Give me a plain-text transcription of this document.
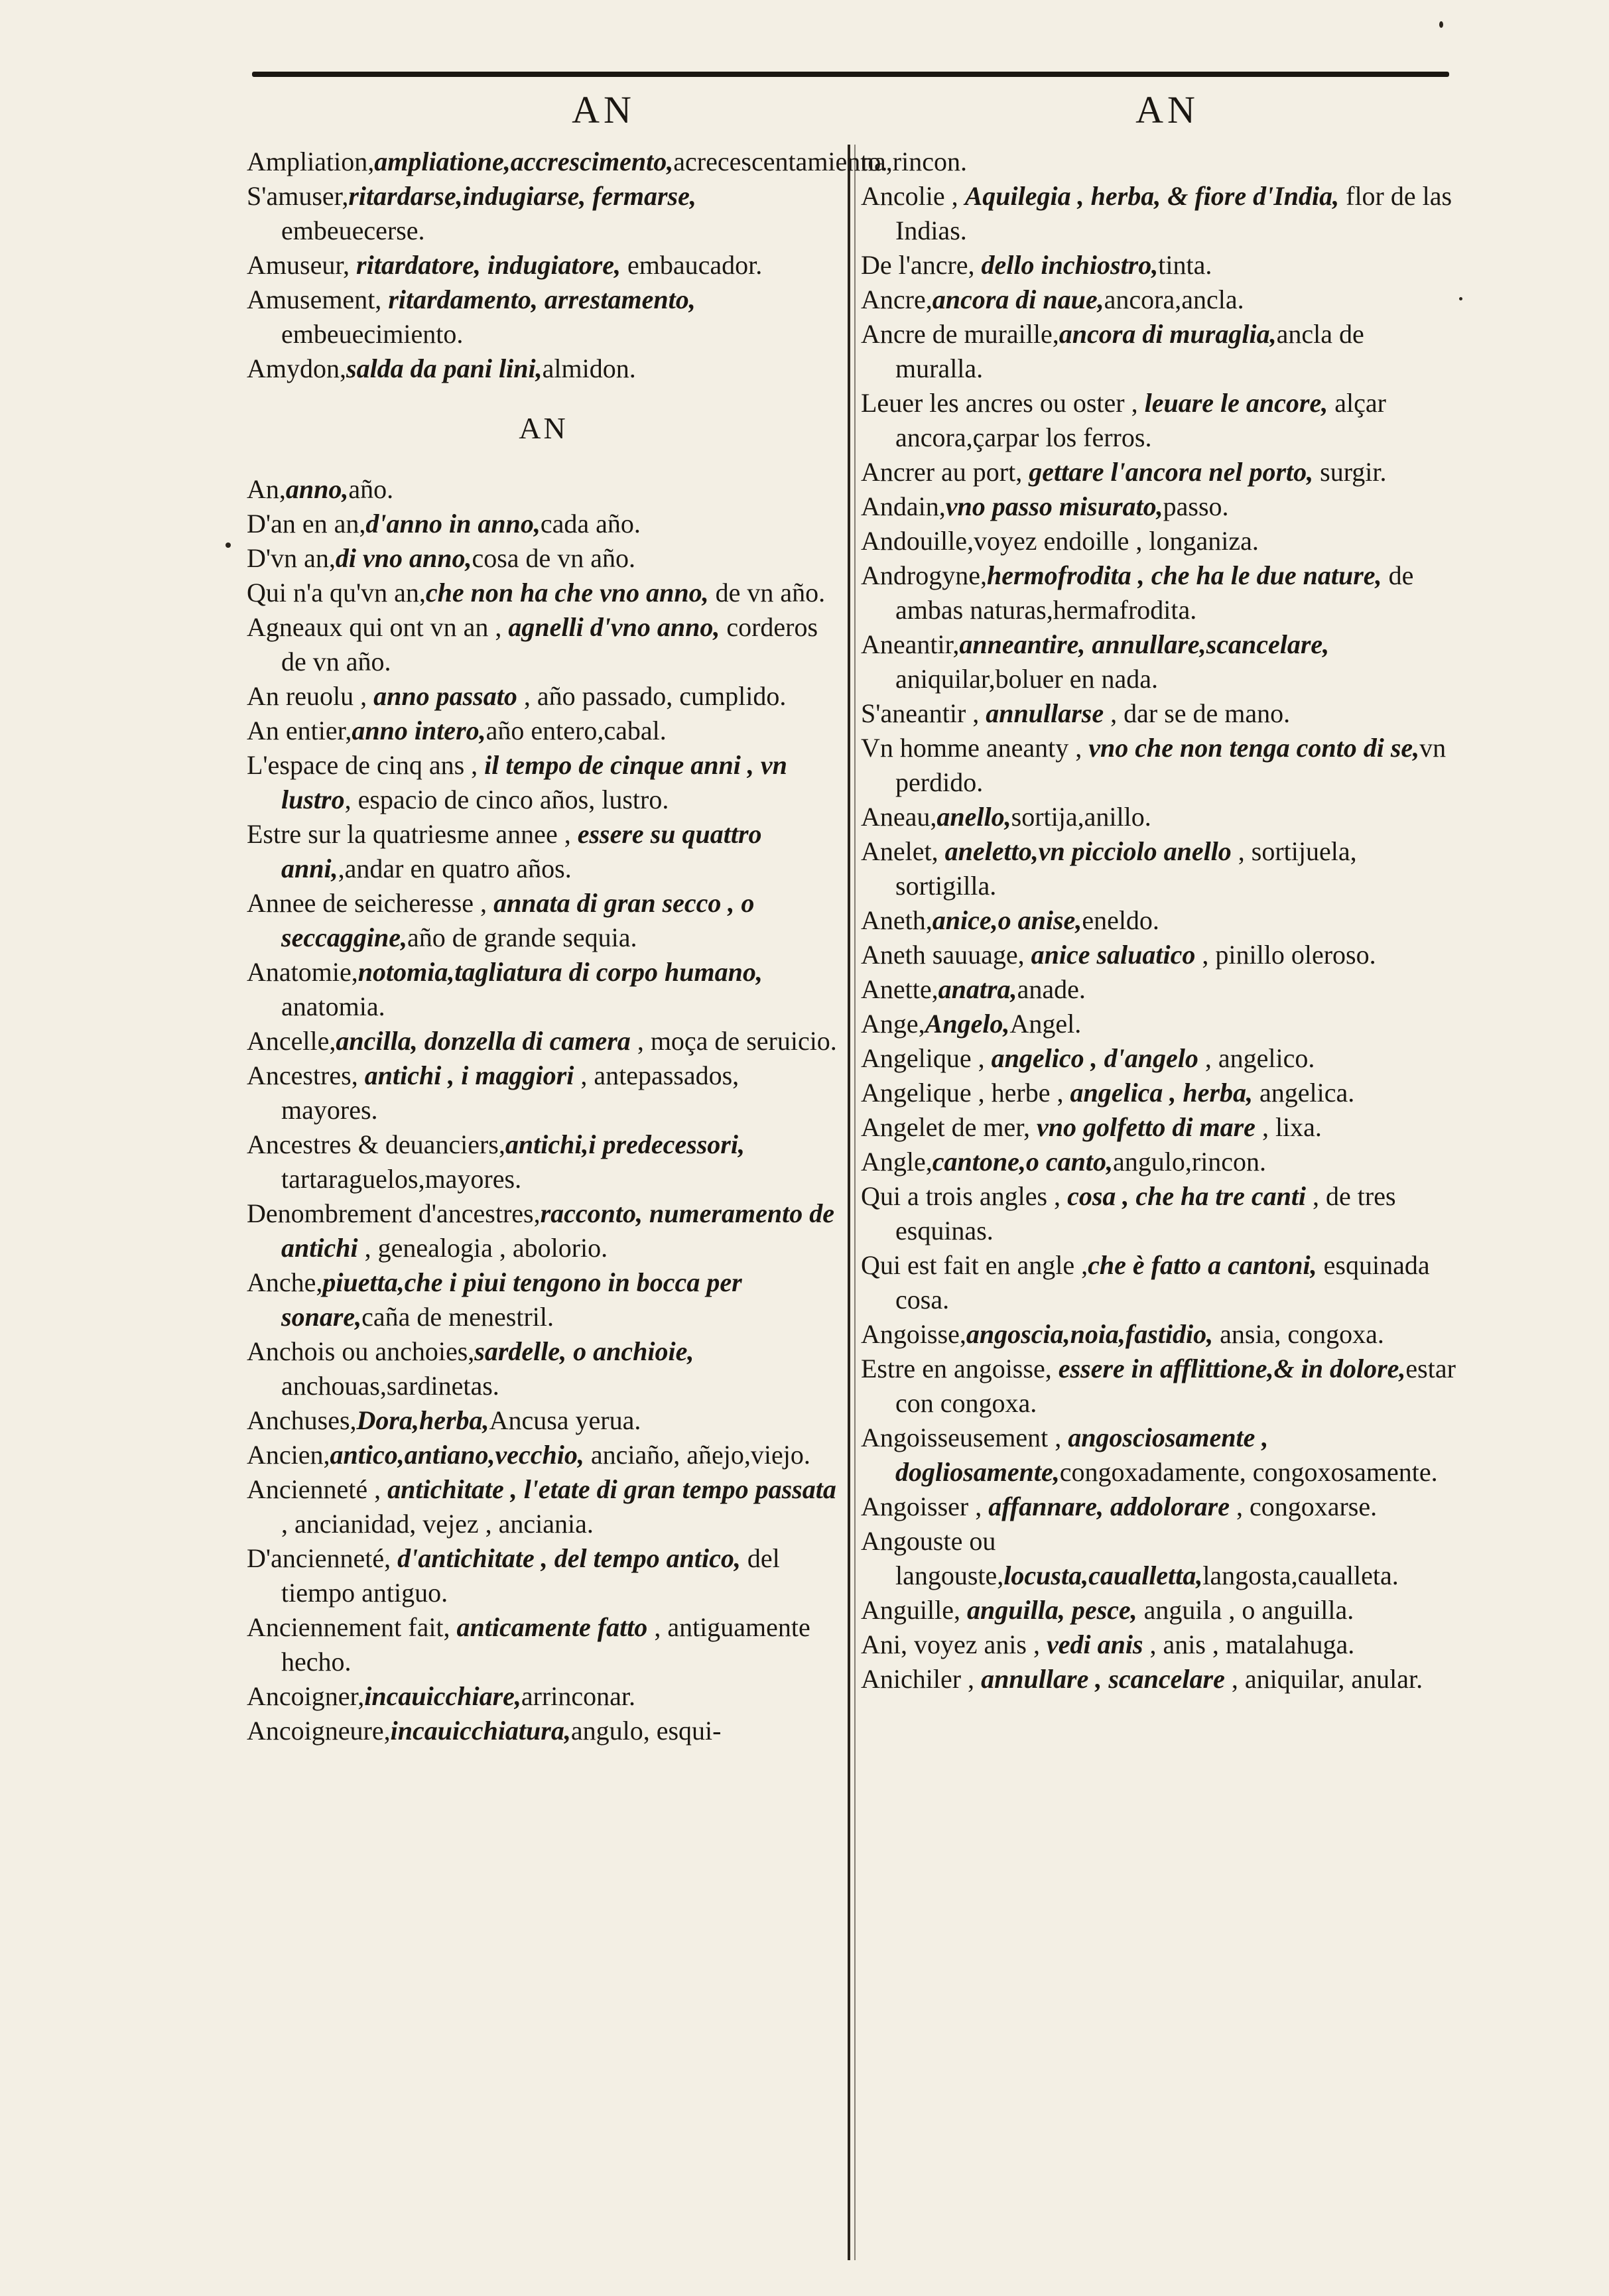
AN	AN

Ampliation,ampliatione,accrescimento,acrecescentamiento.

S'amuser,ritardarse,indugiarse, fermarse, embeuecerse.

Amuseur, ritardatore, indugiatore, embaucador.

Amusement, ritardamento, arrestamento, embeuecimiento.

Amydon,salda da pani lini,almidon.

AN

An,anno,año.

D'an en an,d'anno in anno,cada año.

D'vn an,di vno anno,cosa de vn año.

Qui n'a qu'vn an,che non ha che vno anno, de vn año.

Agneaux qui ont vn an , agnelli d'vno anno, corderos de vn año.

An reuolu , anno passato , año passado, cumplido.

An entier,anno intero,año entero,cabal.

L'espace de cinq ans , il tempo de cinque anni , vn lustro, espacio de cinco años, lustro.

Estre sur la quatriesme annee , essere su quattro anni,,andar en quatro años.

Annee de seicheresse , annata di gran secco , o seccaggine,año de grande sequia.

Anatomie,notomia,tagliatura di corpo humano, anatomia.

Ancelle,ancilla, donzella di camera , moça de seruicio.

Ancestres, antichi , i maggiori , antepassados, mayores.

Ancestres & deuanciers,antichi,i predecessori, tartaraguelos,mayores.

Denombrement d'ancestres,racconto, numeramento de antichi , genealogia , abolorio.

Anche,piuetta,che i piui tengono in bocca per sonare,caña de menestril.

Anchois ou anchoies,sardelle, o anchioie, anchouas,sardinetas.

Anchuses,Dora,herba,Ancusa yerua.

Ancien,antico,antiano,vecchio, anciaño, añejo,viejo.

Ancienneté , antichitate , l'etate di gran tempo passata , ancianidad, vejez , anciania.

D'ancienneté, d'antichitate , del tempo antico, del tiempo antiguo.

Anciennement fait, anticamente fatto , antiguamente hecho.

Ancoigner,incauicchiare,arrinconar.

Ancoigneure,incauicchiatura,angulo, esqui-

na,rincon.

Ancolie , Aquilegia , herba, & fiore d'India, flor de las Indias.

De l'ancre, dello inchiostro,tinta.

Ancre,ancora di naue,ancora,ancla.

Ancre de muraille,ancora di muraglia,ancla de muralla.

Leuer les ancres ou oster , leuare le ancore, alçar ancora,çarpar los ferros.

Ancrer au port, gettare l'ancora nel porto, surgir.

Andain,vno passo misurato,passo.

Andouille,voyez endoille , longaniza.

Androgyne,hermofrodita , che ha le due nature, de ambas naturas,hermafrodita.

Aneantir,anneantire, annullare,scancelare, aniquilar,boluer en nada.

S'aneantir , annullarse , dar se de mano.

Vn homme aneanty , vno che non tenga conto di se,vn perdido.

Aneau,anello,sortija,anillo.

Anelet, aneletto,vn picciolo anello , sortijuela, sortigilla.

Aneth,anice,o anise,eneldo.

Aneth sauuage, anice saluatico , pinillo olerosо.

Anette,anatra,anade.

Ange,Angelo,Angel.

Angelique , angelico , d'angelo , angelico.

Angelique , herbe , angelica , herba, angelica.

Angelet de mer, vno golfetto di mare , lixa.

Angle,cantone,o canto,angulo,rincon.

Qui a trois angles , cosa , che ha tre canti , de tres esquinas.

Qui est fait en angle ,che è fatto a cantoni, esquinada cosa.

Angoisse,angoscia,noia,fastidio, ansia, congoxa.

Estre en angoisse, essere in afflittione,& in dolore,estar con congoxa.

Angoisseusement , angosciosamente , dogliosamente,congoxadamente, congoxosamente.

Angoisser , affannare, addolorare , congoxarse.

Angouste ou langouste,locusta,caualletta,langosta,caualleta.

Anguille, anguilla, pesce, anguila , o anguilla.

Ani, voyez anis , vedi anis , anis , matalahuga.

Anichiler , annullare , scancelare , aniquilar, anular.
